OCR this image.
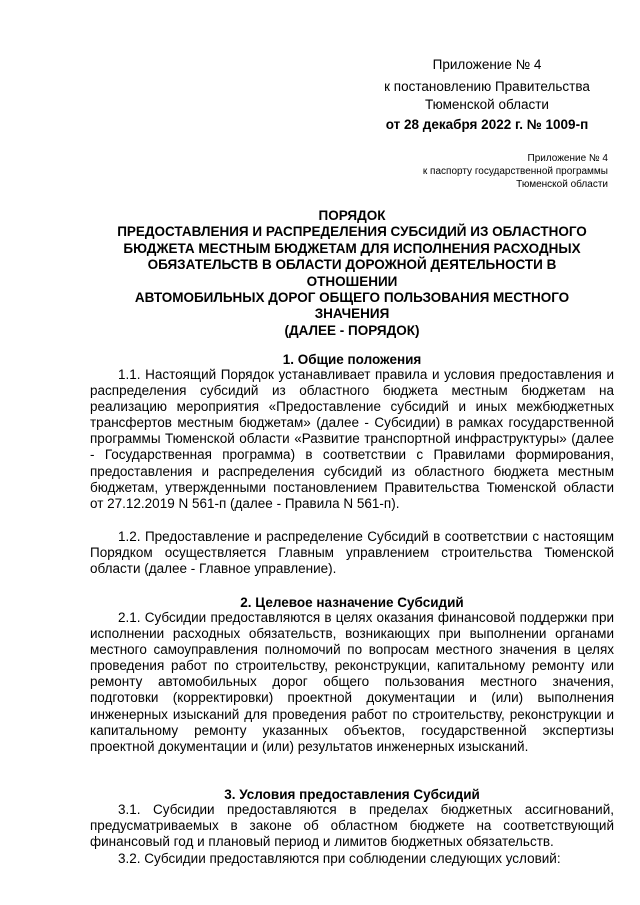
Приложение № 4
к постановлению Правительства
Тюменской области
от 28 декабря 2022 г. № 1009-п
Приложение № 4
к паспорту государственной программы
Тюменской области
ПОРЯДОК
ПРЕДОСТАВЛЕНИЯ И РАСПРЕДЕЛЕНИЯ СУБСИДИЙ ИЗ ОБЛАСТНОГО
БЮДЖЕТА МЕСТНЫМ БЮДЖЕТАМ ДЛЯ ИСПОЛНЕНИЯ РАСХОДНЫХ
ОБЯЗАТЕЛЬСТВ В ОБЛАСТИ ДОРОЖНОЙ ДЕЯТЕЛЬНОСТИ В
ОТНОШЕНИИ
АВТОМОБИЛЬНЫХ ДОРОГ ОБЩЕГО ПОЛЬЗОВАНИЯ МЕСТНОГО
ЗНАЧЕНИЯ
(ДАЛЕЕ - ПОРЯДОК)
1. Общие положения
1.1. Настоящий Порядок устанавливает правила и условия предоставления и распределения субсидий из областного бюджета местным бюджетам на реализацию мероприятия «Предоставление субсидий и иных межбюджетных трансфертов местным бюджетам» (далее - Субсидии) в рамках государственной программы Тюменской области «Развитие транспортной инфраструктуры» (далее - Государственная программа) в соответствии с Правилами формирования, предоставления и распределения субсидий из областного бюджета местным бюджетам, утвержденными постановлением Правительства Тюменской области от 27.12.2019 N 561-п (далее - Правила N 561-п).
1.2. Предоставление и распределение Субсидий в соответствии с настоящим Порядком осуществляется Главным управлением строительства Тюменской области (далее - Главное управление).
2. Целевое назначение Субсидий
2.1. Субсидии предоставляются в целях оказания финансовой поддержки при исполнении расходных обязательств, возникающих при выполнении органами местного самоуправления полномочий по вопросам местного значения в целях проведения работ по строительству, реконструкции, капитальному ремонту или ремонту автомобильных дорог общего пользования местного значения, подготовки (корректировки) проектной документации и (или) выполнения инженерных изысканий для проведения работ по строительству, реконструкции и капитальному ремонту указанных объектов, государственной экспертизы проектной документации и (или) результатов инженерных изысканий.
3. Условия предоставления Субсидий
3.1. Субсидии предоставляются в пределах бюджетных ассигнований, предусматриваемых в законе об областном бюджете на соответствующий финансовый год и плановый период и лимитов бюджетных обязательств.
3.2. Субсидии предоставляются при соблюдении следующих условий:
